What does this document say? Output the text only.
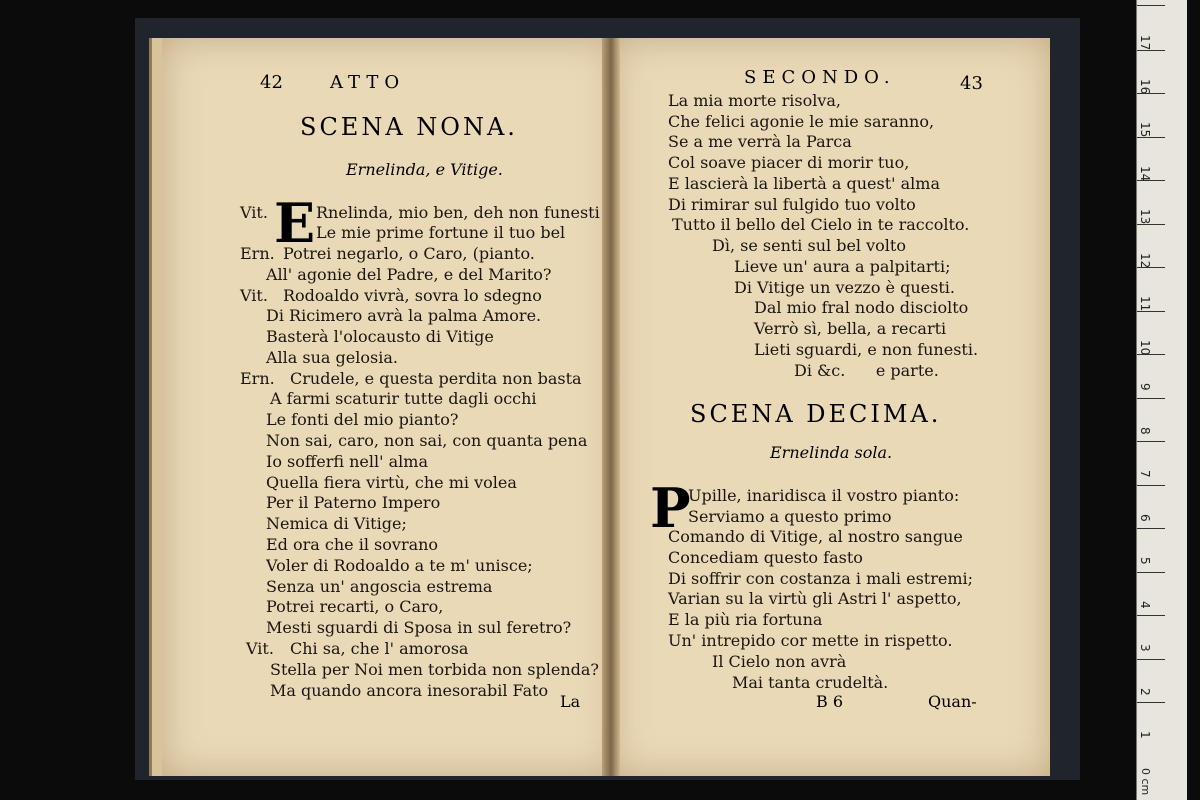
42	ATTO
SCENA NONA.
Ernelinda, e Vitige.
E
Vit.	Rnelinda, mio ben, deh non funesti
Le mie prime fortune il tuo bel
Ern. Potrei negarlo, o Caro, (pianto.
All' agonie del Padre, e del Marito?
Vit. Rodoaldo vivrà, sovra lo sdegno
Di Ricimero avrà la palma Amore.
Basterà l'olocausto di Vitige
Alla sua gelosia.
Ern. Crudele, e questa perdita non basta
A farmi scaturir tutte dagli occhi
Le fonti del mio pianto?
Non sai, caro, non sai, con quanta pena
Io sofferfi nell' alma
Quella fiera virtù, che mi volea
Per il Paterno Impero
Nemica di Vitige;
Ed ora che il sovrano
Voler di Rodoaldo a te m' unisce;
Senza un' angoscia estrema
Potrei recarti, o Caro,
Mesti sguardi di Sposa in sul feretro?
Vit. Chi sa, che l' amorosa
Stella per Noi men torbida non splenda?
Ma quando ancora inesorabil Fato
La
SECONDO.	43
La mia morte risolva,
Che felici agonie le mie saranno,
Se a me verrà la Parca
Col soave piacer di morir tuo,
E lascierà la libertà a quest' alma
Di rimirar sul fulgido tuo volto
Tutto il bello del Cielo in te raccolto.
Dì, se senti sul bel volto
Lieve un' aura a palpitarti;
Di Vitige un vezzo è questi.
Dal mio fral nodo disciolto
Verrò sì, bella, a recarti
Lieti sguardi, e non funesti.
Di &c.      e parte.
SCENA DECIMA.
Ernelinda sola.
P
Upille, inaridisca il vostro pianto:
Serviamo a questo primo
Comando di Vitige, al nostro sangue
Concediam questo fasto
Di soffrir con costanza i mali estremi;
Varian su la virtù gli Astri l' aspetto,
E la più ria fortuna
Un' intrepido cor mette in rispetto.
Il Cielo non avrà
Mai tanta crudeltà.
B 6	Quan-
17
16
15
14
13
12
11
10
9
8
7
6
5
4
3
2
1
0 cm
